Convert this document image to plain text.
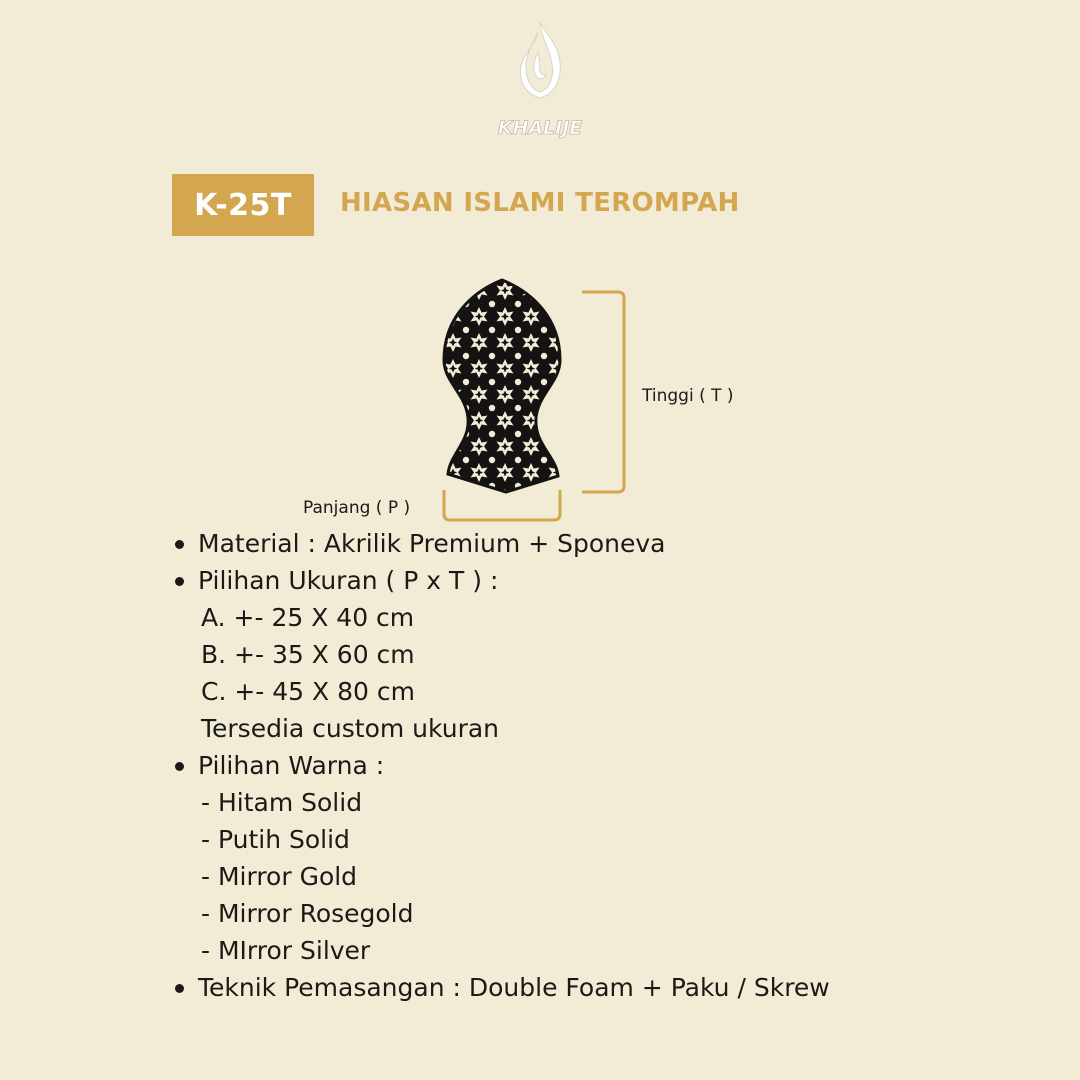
KHALIJE
K-25T	HIASAN ISLAMI TEROMPAH
Tinggi ( T )
Panjang ( P )
Material : Akrilik Premium + Sponeva
Pilihan Ukuran ( P x T ) :
A. +- 25 X 40 cm
B. +- 35 X 60 cm
C. +- 45 X 80 cm
Tersedia custom ukuran
Pilihan Warna :
- Hitam Solid
- Putih Solid
- Mirror Gold
- Mirror Rosegold
- MIrror Silver
Teknik Pemasangan : Double Foam + Paku / Skrew
